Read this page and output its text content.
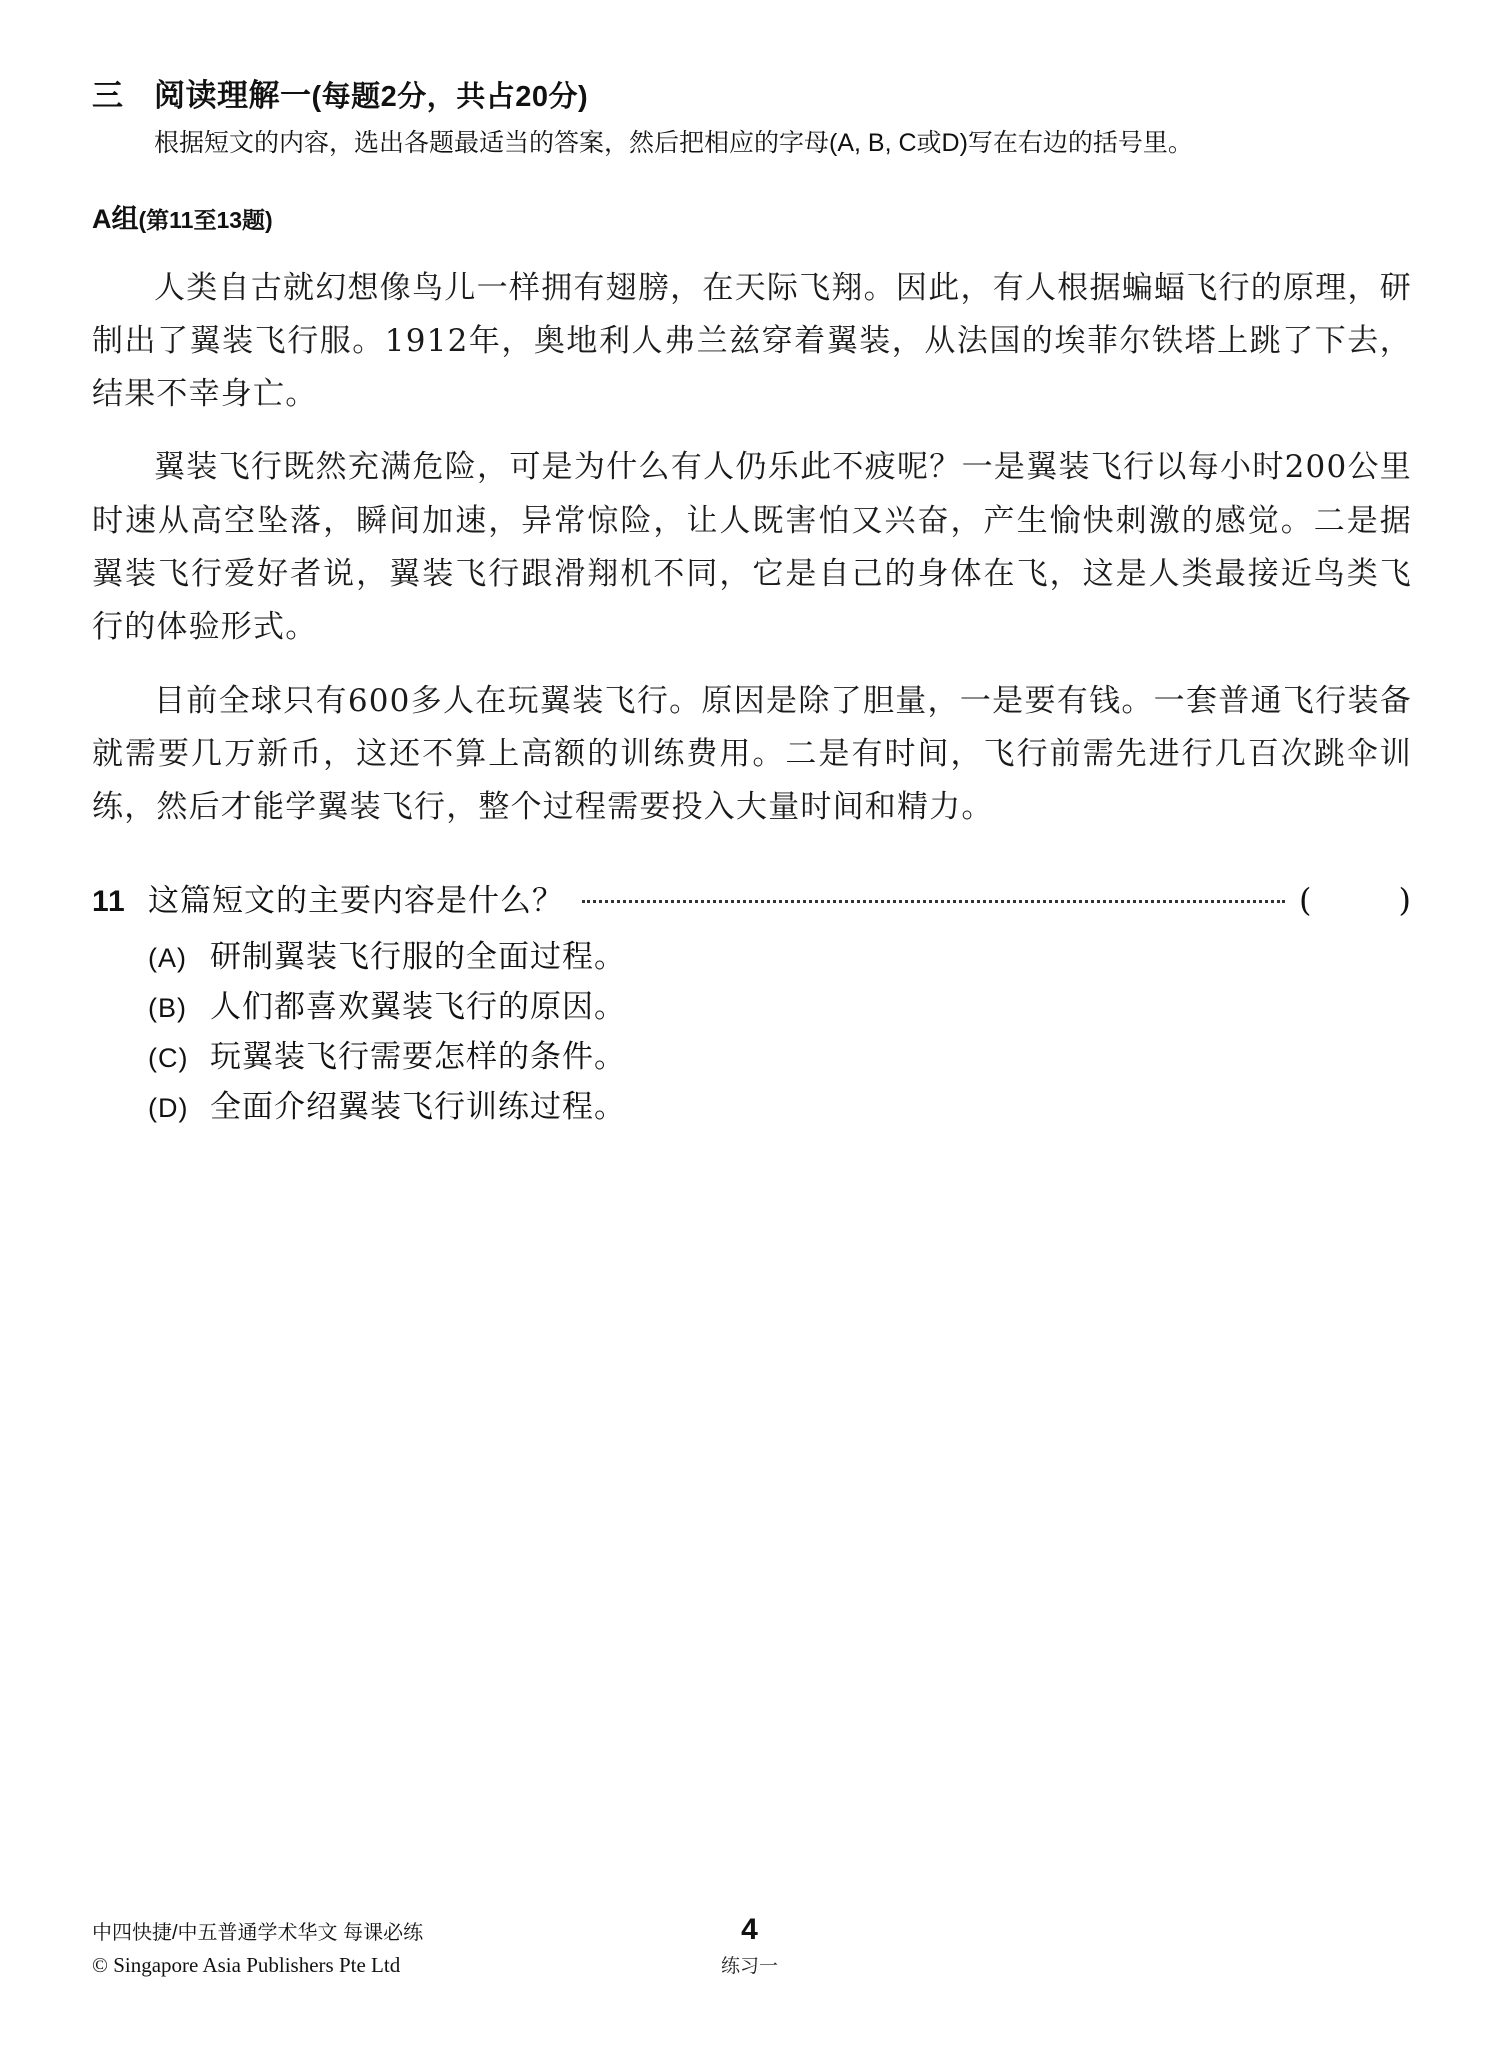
三 阅读理解一 (每题2分，共占20分)
根据短文的内容，选出各题最适当的答案，然后把相应的字母(A, B, C或D)写在右边的括号里。
A组(第11至13题)

人类自古就幻想像鸟儿一样拥有翅膀，在天际飞翔。因此，有人根据蝙蝠飞行的原理，研制出了翼装飞行服。1912年，奥地利人弗兰兹穿着翼装，从法国的埃菲尔铁塔上跳了下去，结果不幸身亡。

翼装飞行既然充满危险，可是为什么有人仍乐此不疲呢？一是翼装飞行以每小时200公里时速从高空坠落，瞬间加速，异常惊险，让人既害怕又兴奋，产生愉快刺激的感觉。二是据翼装飞行爱好者说，翼装飞行跟滑翔机不同，它是自己的身体在飞，这是人类最接近鸟类飞行的体验形式。

目前全球只有600多人在玩翼装飞行。原因是除了胆量，一是要有钱。一套普通飞行装备就需要几万新币，这还不算上高额的训练费用。二是有时间，飞行前需先进行几百次跳伞训练，然后才能学翼装飞行，整个过程需要投入大量时间和精力。

11 这篇短文的主要内容是什么？	(	)
(A) 研制翼装飞行服的全面过程。
(B) 人们都喜欢翼装飞行的原因。
(C) 玩翼装飞行需要怎样的条件。
(D) 全面介绍翼装飞行训练过程。
中四快捷/中五普通学术华文 每课必练
© Singapore Asia Publishers Pte Ltd
4
练习一
